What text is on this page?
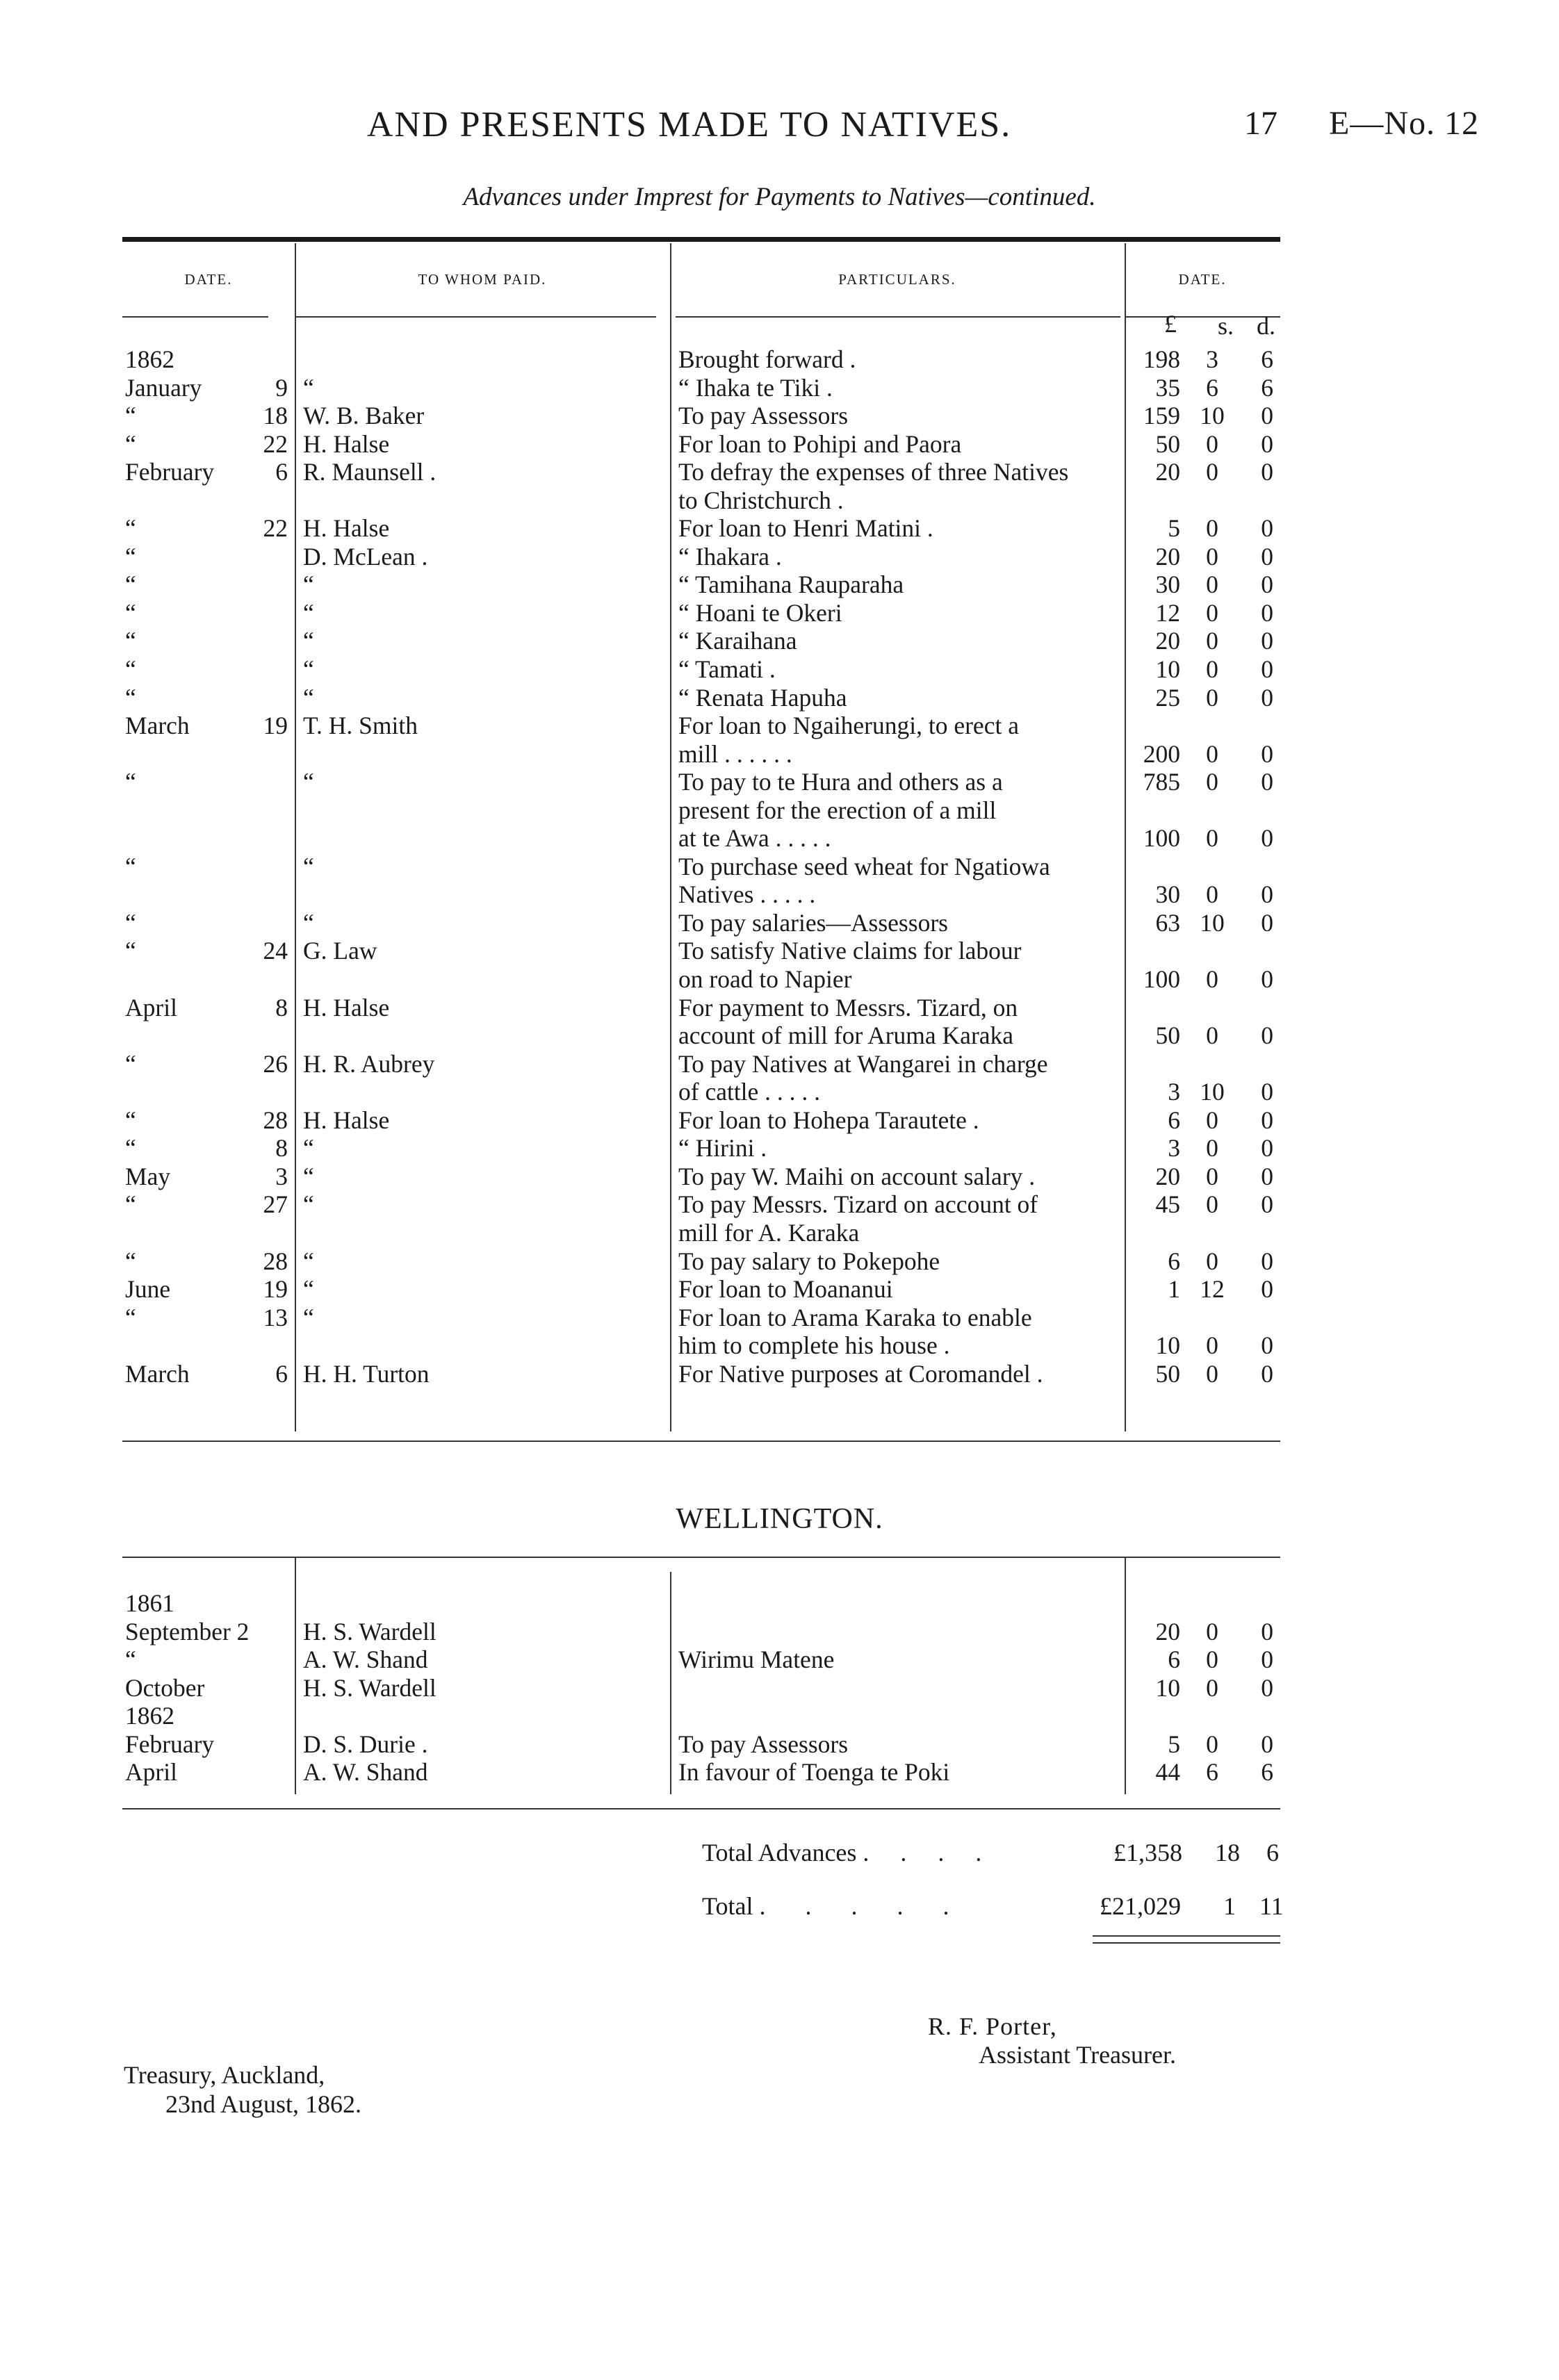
AND PRESENTS MADE TO NATIVES.	17 E—No. 12
Advances under Imprest for Payments to Natives—continued.
DATE.	TO WHOM PAID.	PARTICULARS.	DATE.
£ s. d.
1862		Brought forward .	198 3 6

January 9	“	“ Ihaka te Tiki .	35 6 6

“ 18	W. B. Baker	To pay Assessors	159 10 0

“ 22	H. Halse	For loan to Pohipi and Paora	50 0 0

February 6	R. Maunsell .	To defray the expenses of three Natives	20 0 0

		to Christchurch .	

“ 22	H. Halse	For loan to Henri Matini .	5 0 0

“	D. McLean .	“ Ihakara .	20 0 0

“	“	“ Tamihana Rauparaha	30 0 0

“	“	“ Hoani te Okeri	12 0 0

“	“	“ Karaihana	20 0 0

“	“	“ Tamati .	10 0 0

“	“	“ Renata Hapuha	25 0 0

March 19	T. H. Smith	For loan to Ngaiherungi, to erect a	

		mill . . . . . .	200 0 0

“	“	To pay to te Hura and others as a	785 0 0

		present for the erection of a mill	

		at te Awa . . . . .	100 0 0

“	“	To purchase seed wheat for Ngatiowa	

		Natives . . . . .	30 0 0

“	“	To pay salaries—Assessors	63 10 0

“ 24	G. Law	To satisfy Native claims for labour	

		on road to Napier	100 0 0

April 8	H. Halse	For payment to Messrs. Tizard, on	

		account of mill for Aruma Karaka	50 0 0

“ 26	H. R. Aubrey	To pay Natives at Wangarei in charge	

		of cattle . . . . .	3 10 0

“ 28	H. Halse	For loan to Hohepa Tarautete .	6 0 0

“ 8	“	“ Hirini .	3 0 0

May 3	“	To pay W. Maihi on account salary .	20 0 0

“ 27	“	To pay Messrs. Tizard on account of	45 0 0

		mill for A. Karaka	

“ 28	“	To pay salary to Pokepohe	6 0 0

June 19	“	For loan to Moananui	1 12 0

“ 13	“	For loan to Arama Karaka to enable	

		him to complete his house .	10 0 0

March 6	H. H. Turton	For Native purposes at Coromandel .	50 0 0
WELLINGTON.
1861			

September 2	H. S. Wardell		20 0 0

“	A. W. Shand	Wirimu Matene	6 0 0

October	H. S. Wardell		10 0 0

1862			

February	D. S. Durie .	To pay Assessors	5 0 0

April	A. W. Shand	In favour of Toenga te Poki	44 6 6
Total Advances . . . .	£1,358 18 6
Total . . . . .	£21,029 1 11
R. F. Porter,
Assistant Treasurer.
Treasury, Auckland,
23nd August, 1862.
